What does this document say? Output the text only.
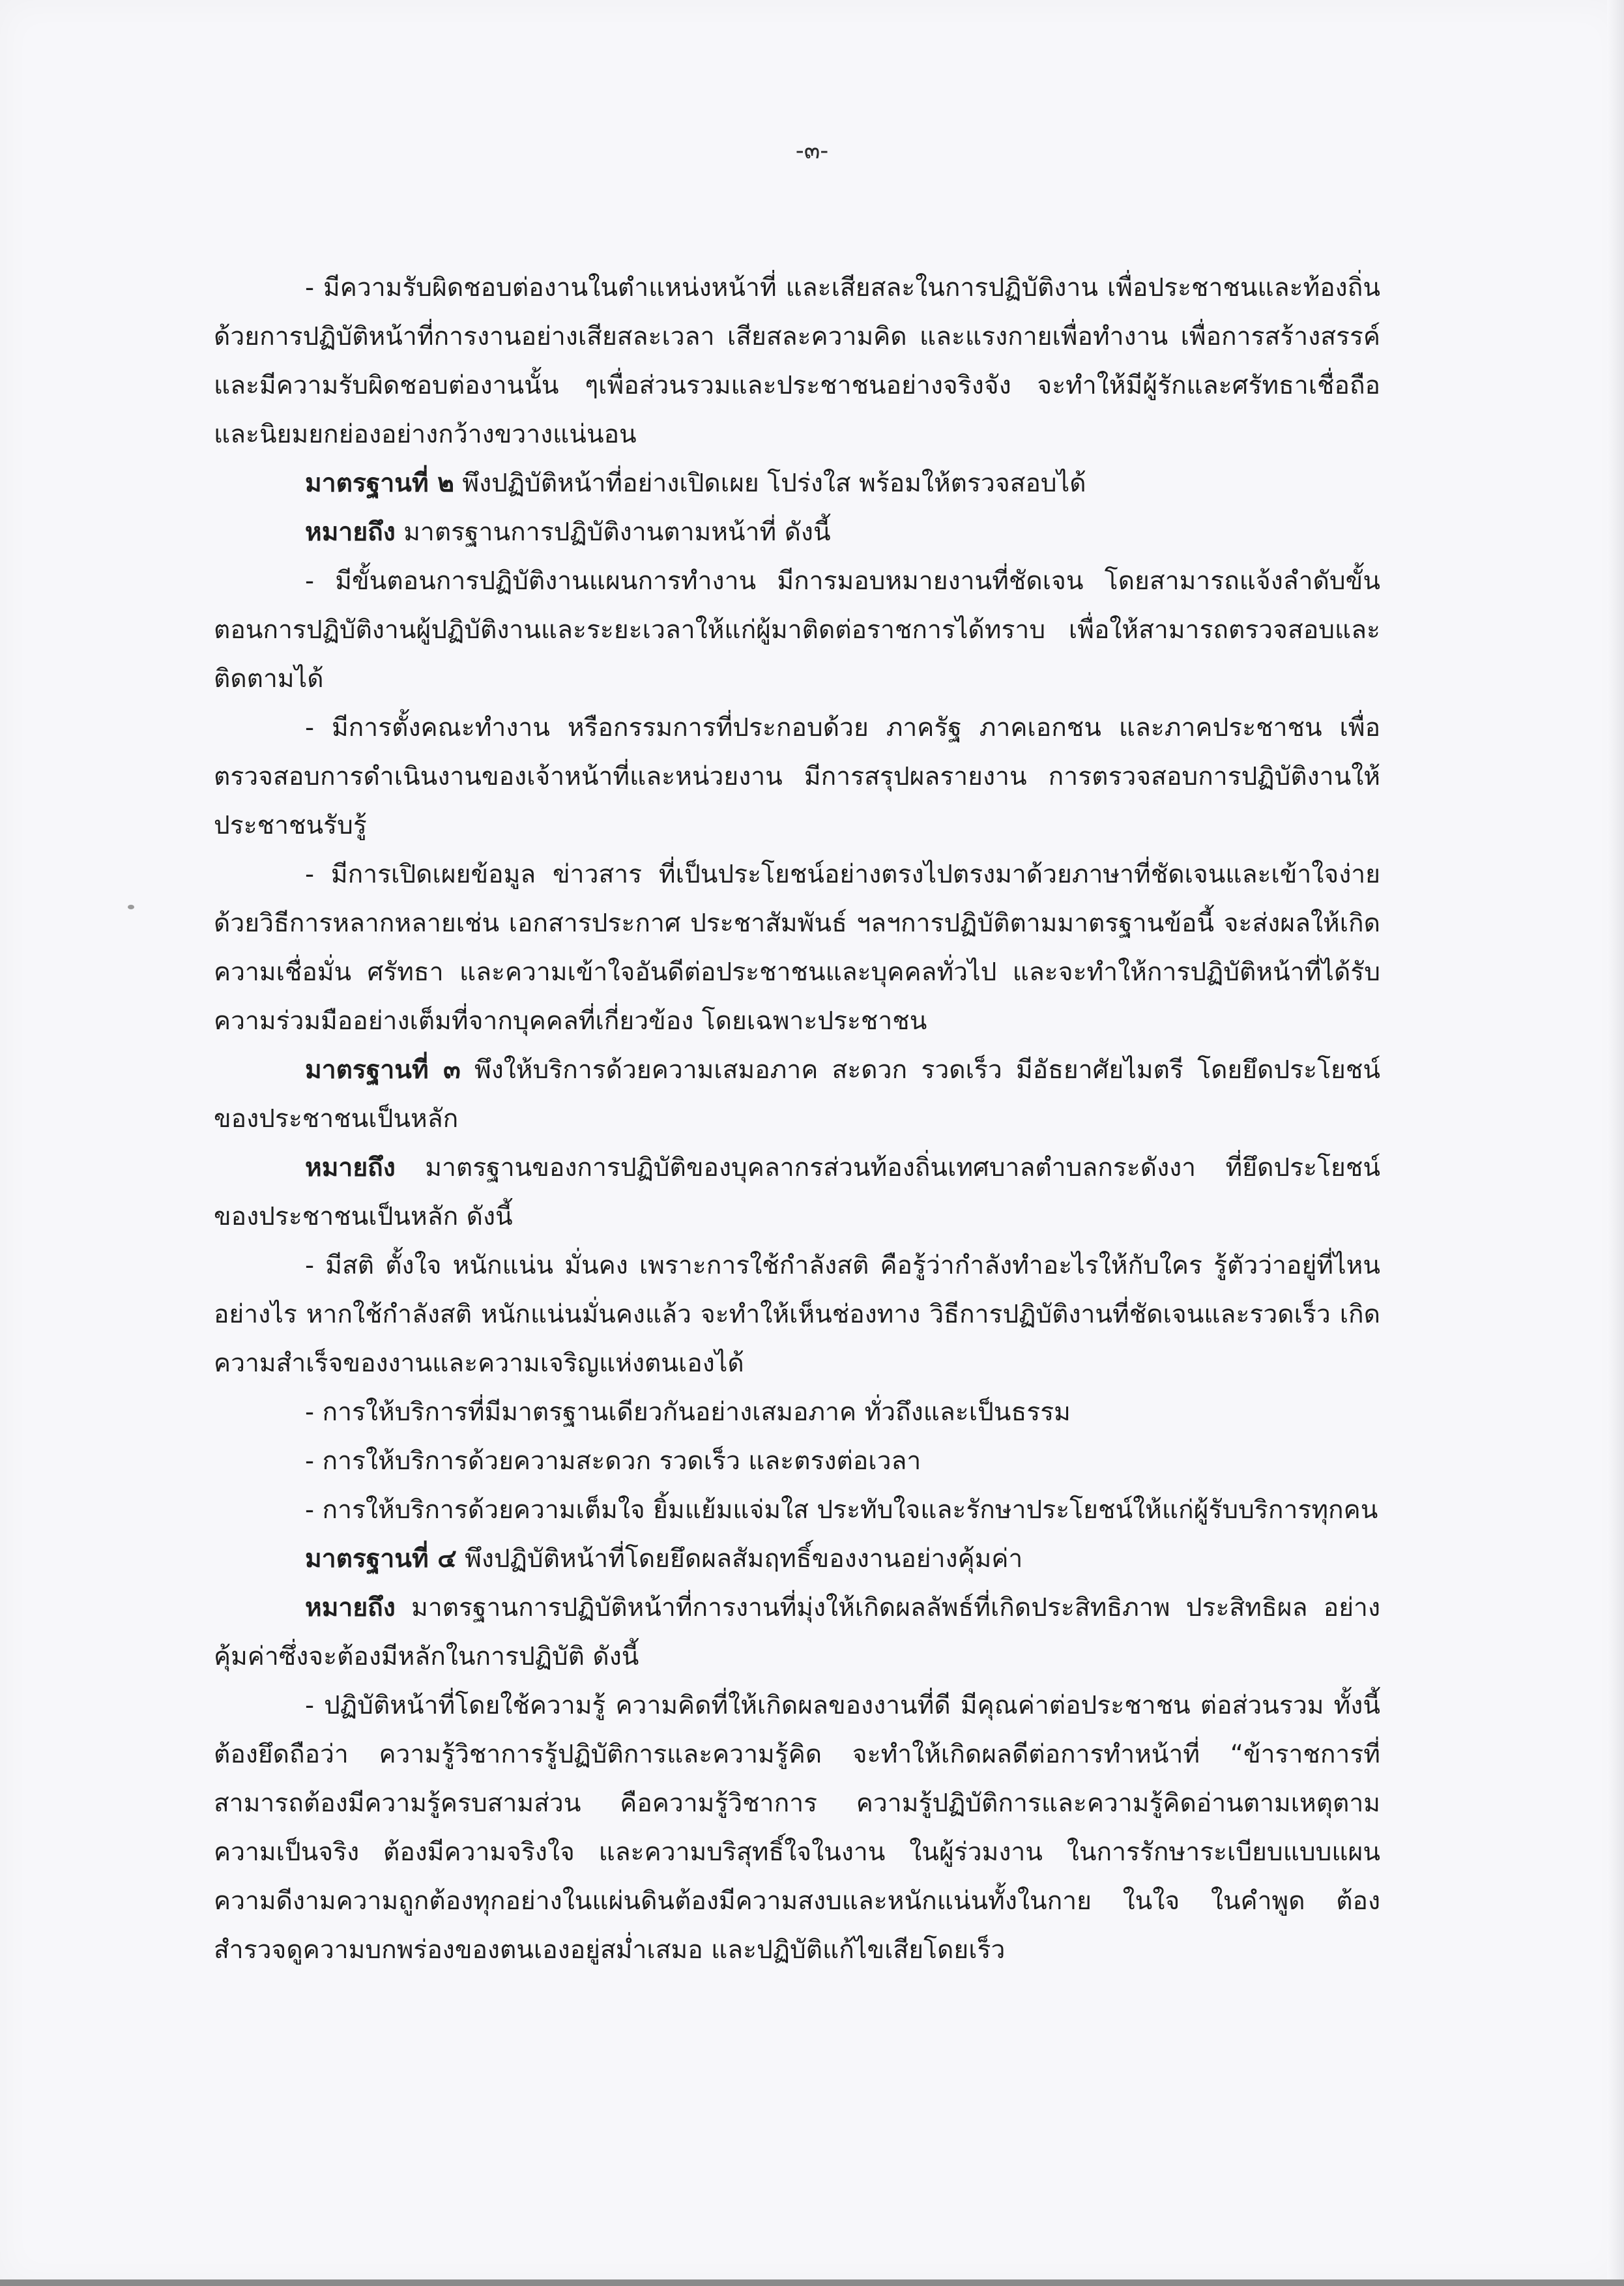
-๓-

- มีความรับผิดชอบต่องานในตำแหน่งหน้าที่ และเสียสละในการปฏิบัติงาน เพื่อประชาชนและท้องถิ่นด้วยการปฏิบัติหน้าที่การงานอย่างเสียสละเวลา เสียสละความคิด และแรงกายเพื่อทำงาน เพื่อการสร้างสรรค์และมีความรับผิดชอบต่องานนั้น ๆเพื่อส่วนรวมและประชาชนอย่างจริงจัง จะทำให้มีผู้รักและศรัทธาเชื่อถือและนิยมยกย่องอย่างกว้างขวางแน่นอน

มาตรฐานที่ ๒ พึงปฏิบัติหน้าที่อย่างเปิดเผย โปร่งใส พร้อมให้ตรวจสอบได้

หมายถึง มาตรฐานการปฏิบัติงานตามหน้าที่ ดังนี้

- มีขั้นตอนการปฏิบัติงานแผนการทำงาน มีการมอบหมายงานที่ชัดเจน โดยสามารถแจ้งลำดับขั้นตอนการปฏิบัติงานผู้ปฏิบัติงานและระยะเวลาให้แก่ผู้มาติดต่อราชการได้ทราบ เพื่อให้สามารถตรวจสอบและติดตามได้

- มีการตั้งคณะทำงาน หรือกรรมการที่ประกอบด้วย ภาครัฐ ภาคเอกชน และภาคประชาชน เพื่อตรวจสอบการดำเนินงานของเจ้าหน้าที่และหน่วยงาน มีการสรุปผลรายงาน การตรวจสอบการปฏิบัติงานให้ประชาชนรับรู้

- มีการเปิดเผยข้อมูล ข่าวสาร ที่เป็นประโยชน์อย่างตรงไปตรงมาด้วยภาษาที่ชัดเจนและเข้าใจง่ายด้วยวิธีการหลากหลายเช่น เอกสารประกาศ ประชาสัมพันธ์ ฯลฯการปฏิบัติตามมาตรฐานข้อนี้ จะส่งผลให้เกิดความเชื่อมั่น ศรัทธา และความเข้าใจอันดีต่อประชาชนและบุคคลทั่วไป และจะทำให้การปฏิบัติหน้าที่ได้รับความร่วมมืออย่างเต็มที่จากบุคคลที่เกี่ยวข้อง โดยเฉพาะประชาชน

มาตรฐานที่ ๓ พึงให้บริการด้วยความเสมอภาค สะดวก รวดเร็ว มีอัธยาศัยไมตรี โดยยึดประโยชน์ของประชาชนเป็นหลัก

หมายถึง มาตรฐานของการปฏิบัติของบุคลากรส่วนท้องถิ่นเทศบาลตำบลกระดังงา ที่ยึดประโยชน์ของประชาชนเป็นหลัก ดังนี้

- มีสติ ตั้งใจ หนักแน่น มั่นคง เพราะการใช้กำลังสติ คือรู้ว่ากำลังทำอะไรให้กับใคร รู้ตัวว่าอยู่ที่ไหนอย่างไร หากใช้กำลังสติ หนักแน่นมั่นคงแล้ว จะทำให้เห็นช่องทาง วิธีการปฏิบัติงานที่ชัดเจนและรวดเร็ว เกิดความสำเร็จของงานและความเจริญแห่งตนเองได้

- การให้บริการที่มีมาตรฐานเดียวกันอย่างเสมอภาค ทั่วถึงและเป็นธรรม

- การให้บริการด้วยความสะดวก รวดเร็ว และตรงต่อเวลา

- การให้บริการด้วยความเต็มใจ ยิ้มแย้มแจ่มใส ประทับใจและรักษาประโยชน์ให้แก่ผู้รับบริการทุกคน

มาตรฐานที่ ๔ พึงปฏิบัติหน้าที่โดยยึดผลสัมฤทธิ์ของงานอย่างคุ้มค่า

หมายถึง มาตรฐานการปฏิบัติหน้าที่การงานที่มุ่งให้เกิดผลลัพธ์ที่เกิดประสิทธิภาพ ประสิทธิผล อย่างคุ้มค่าซึ่งจะต้องมีหลักในการปฏิบัติ ดังนี้

- ปฏิบัติหน้าที่โดยใช้ความรู้ ความคิดที่ให้เกิดผลของงานที่ดี มีคุณค่าต่อประชาชน ต่อส่วนรวม ทั้งนี้ต้องยึดถือว่า ความรู้วิชาการรู้ปฏิบัติการและความรู้คิด จะทำให้เกิดผลดีต่อการทำหน้าที่ “ข้าราชการที่สามารถต้องมีความรู้ครบสามส่วน คือความรู้วิชาการ ความรู้ปฏิบัติการและความรู้คิดอ่านตามเหตุตามความเป็นจริง ต้องมีความจริงใจ และความบริสุทธิ์ใจในงาน ในผู้ร่วมงาน ในการรักษาระเบียบแบบแผน ความดีงามความถูกต้องทุกอย่างในแผ่นดินต้องมีความสงบและหนักแน่นทั้งในกาย ในใจ ในคำพูด ต้องสำรวจดูความบกพร่องของตนเองอยู่สม่ำเสมอ และปฏิบัติแก้ไขเสียโดยเร็ว
